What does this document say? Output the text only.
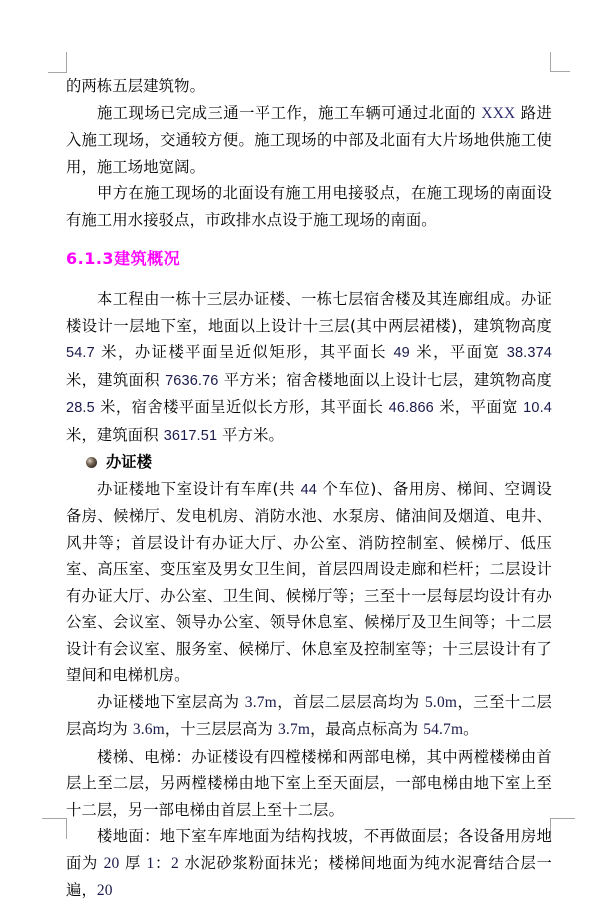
的两栋五层建筑物。

施工现场已完成三通一平工作，施工车辆可通过北面的 XXX 路进入施工现场，交通较方便。施工现场的中部及北面有大片场地供施工使用，施工场地宽阔。

甲方在施工现场的北面设有施工用电接驳点，在施工现场的南面设有施工用水接驳点，市政排水点设于施工现场的南面。

6.1.3建筑概况

本工程由一栋十三层办证楼、一栋七层宿舍楼及其连廊组成。办证楼设计一层地下室，地面以上设计十三层(其中两层裙楼)，建筑物高度 54.7 米，办证楼平面呈近似矩形，其平面长 49 米，平面宽 38.374 米，建筑面积 7636.76 平方米；宿舍楼地面以上设计七层，建筑物高度 28.5 米，宿舍楼平面呈近似长方形，其平面长 46.866 米，平面宽 10.4 米，建筑面积 3617.51 平方米。

办证楼

办证楼地下室设计有车库(共 44 个车位)、备用房、梯间、空调设备房、候梯厅、发电机房、消防水池、水泵房、储油间及烟道、电井、风井等；首层设计有办证大厅、办公室、消防控制室、候梯厅、低压室、高压室、变压室及男女卫生间，首层四周设走廊和栏杆；二层设计有办证大厅、办公室、卫生间、候梯厅等；三至十一层每层均设计有办公室、会议室、领导办公室、领导休息室、候梯厅及卫生间等；十二层设计有会议室、服务室、候梯厅、休息室及控制室等；十三层设计有了望间和电梯机房。

办证楼地下室层高为 3.7m，首层二层层高均为 5.0m，三至十二层层高均为 3.6m，十三层层高为 3.7m，最高点标高为 54.7m。

楼梯、电梯：办证楼设有四樘楼梯和两部电梯，其中两樘楼梯由首层上至二层，另两樘楼梯由地下室上至天面层，一部电梯由地下室上至十二层，另一部电梯由首层上至十二层。

楼地面：地下室车库地面为结构找坡，不再做面层；各设备用房地面为 20 厚 1：2 水泥砂浆粉面抹光；楼梯间地面为纯水泥膏结合层一遍，20
